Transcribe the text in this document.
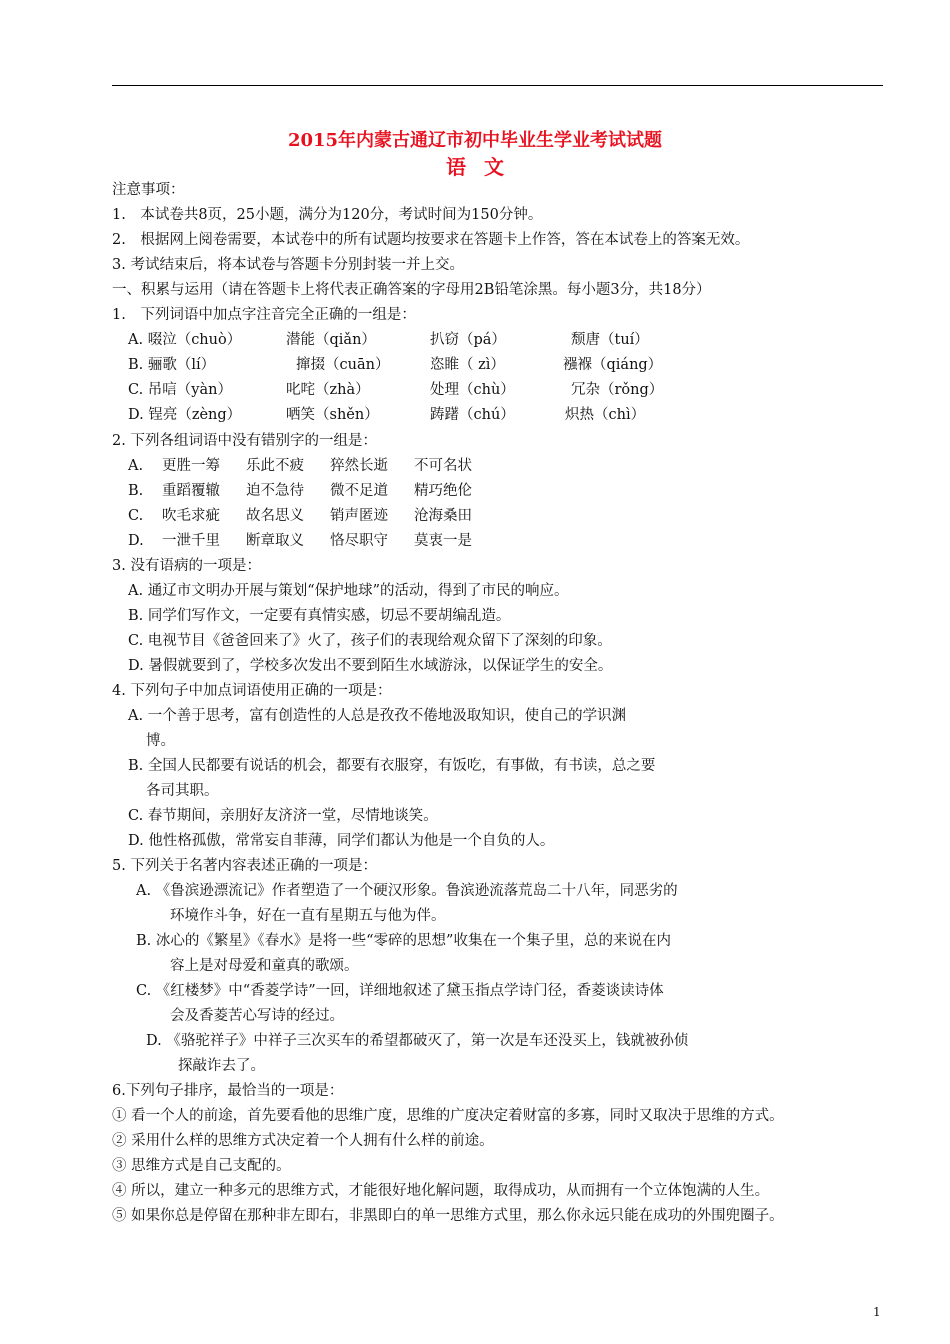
2015年内蒙古通辽市初中毕业生学业考试试题
语文
注意事项：
1.　本试卷共8页，25小题，满分为120分，考试时间为150分钟。
2.　根据网上阅卷需要，本试卷中的所有试题均按要求在答题卡上作答，答在本试卷上的答案无效。
3. 考试结束后，将本试卷与答题卡分别封装一并上交。
一、积累与运用（请在答题卡上将代表正确答案的字母用2B铅笔涂黑。每小题3分，共18分）
1.　下列词语中加点字注音完全正确的一组是：
A. 啜泣（chuò）	潜能（qiǎn）	扒窃（pá）	颓唐（tuí）
B. 骊歌（lí）	撺掇（cuān）	恣睢（ zì）	襁褓（qiáng）
C. 吊唁（yàn）	叱咤（zhà）	处理（chù）	冗杂（rǒng）
D. 锃亮（zèng）	哂笑（shěn）	踌躇（chú）	炽热（chì）
2. 下列各组词语中没有错别字的一组是：
A. 更胜一筹 乐此不疲 猝然长逝 不可名状
B. 重蹈覆辙 迫不急待 微不足道 精巧绝伦
C. 吹毛求疵 故名思义 销声匿迹 沧海桑田
D. 一泄千里 断章取义 恪尽职守 莫衷一是
3. 没有语病的一项是：
A. 通辽市文明办开展与策划“保护地球”的活动，得到了市民的响应。
B. 同学们写作文，一定要有真情实感，切忌不要胡编乱造。
C. 电视节目《爸爸回来了》火了，孩子们的表现给观众留下了深刻的印象。
D. 暑假就要到了，学校多次发出不要到陌生水域游泳，以保证学生的安全。
4. 下列句子中加点词语使用正确的一项是：
A. 一个善于思考，富有创造性的人总是孜孜不倦地汲取知识，使自己的学识渊
博。
B. 全国人民都要有说话的机会，都要有衣服穿，有饭吃，有事做，有书读，总之要
各司其职。
C. 春节期间，亲朋好友济济一堂，尽情地谈笑。
D. 他性格孤傲，常常妄自菲薄，同学们都认为他是一个自负的人。
5. 下列关于名著内容表述正确的一项是：
A. 《鲁滨逊漂流记》作者塑造了一个硬汉形象。鲁滨逊流落荒岛二十八年，同恶劣的
环境作斗争，好在一直有星期五与他为伴。
B. 冰心的《繁星》《春水》是将一些“零碎的思想”收集在一个集子里，总的来说在内
容上是对母爱和童真的歌颂。
C. 《红楼梦》中“香菱学诗”一回，详细地叙述了黛玉指点学诗门径，香菱谈读诗体
会及香菱苦心写诗的经过。
D. 《骆驼祥子》中祥子三次买车的希望都破灭了，第一次是车还没买上，钱就被孙侦
探敲诈去了。
6.下列句子排序，最恰当的一项是：
① 看一个人的前途，首先要看他的思维广度，思维的广度决定着财富的多寡，同时又取决于思维的方式。
② 采用什么样的思维方式决定着一个人拥有什么样的前途。
③ 思维方式是自己支配的。
④ 所以，建立一种多元的思维方式，才能很好地化解问题，取得成功，从而拥有一个立体饱满的人生。
⑤ 如果你总是停留在那种非左即右，非黑即白的单一思维方式里，那么你永远只能在成功的外围兜圈子。
1
